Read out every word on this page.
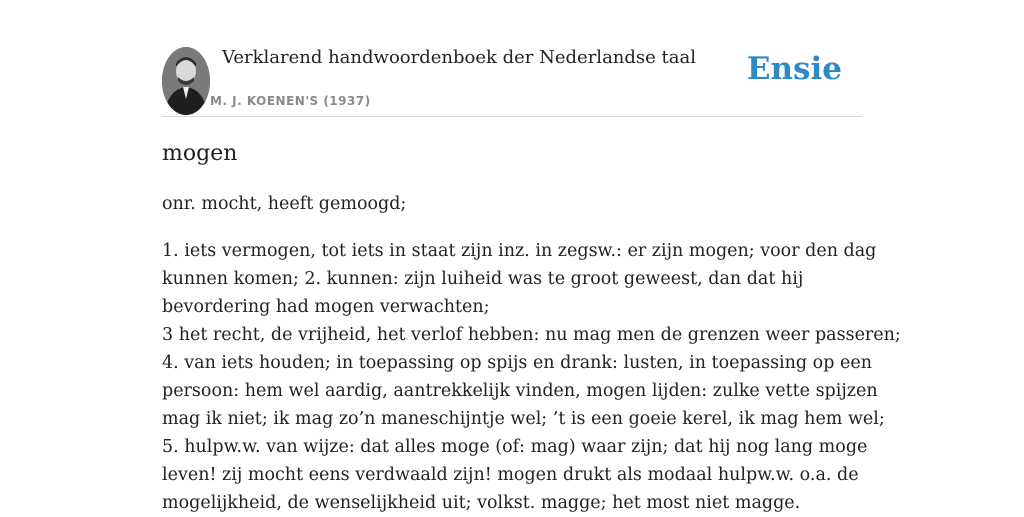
Verklarend handwoordenboek der Nederlandse taal
M. J. KOENEN'S (1937)
Ensie
mogen

onr. mocht, heeft gemoogd;

1. iets vermogen, tot iets in staat zijn inz. in zegsw.: er zijn mogen; voor den dag
kunnen komen; 2. kunnen: zijn luiheid was te groot geweest, dan dat hij
bevordering had mogen verwachten;
3 het recht, de vrijheid, het verlof hebben: nu mag men de grenzen weer passeren;
4. van iets houden; in toepassing op spijs en drank: lusten, in toepassing op een
persoon: hem wel aardig, aantrekkelijk vinden, mogen lijden: zulke vette spijzen
mag ik niet; ik mag zo’n maneschijntje wel; ’t is een goeie kerel, ik mag hem wel;
5. hulpw.w. van wijze: dat alles moge (of: mag) waar zijn; dat hij nog lang moge
leven! zij mocht eens verdwaald zijn! mogen drukt als modaal hulpw.w. o.a. de
mogelijkheid, de wenselijkheid uit; volkst. magge; het most niet magge.
